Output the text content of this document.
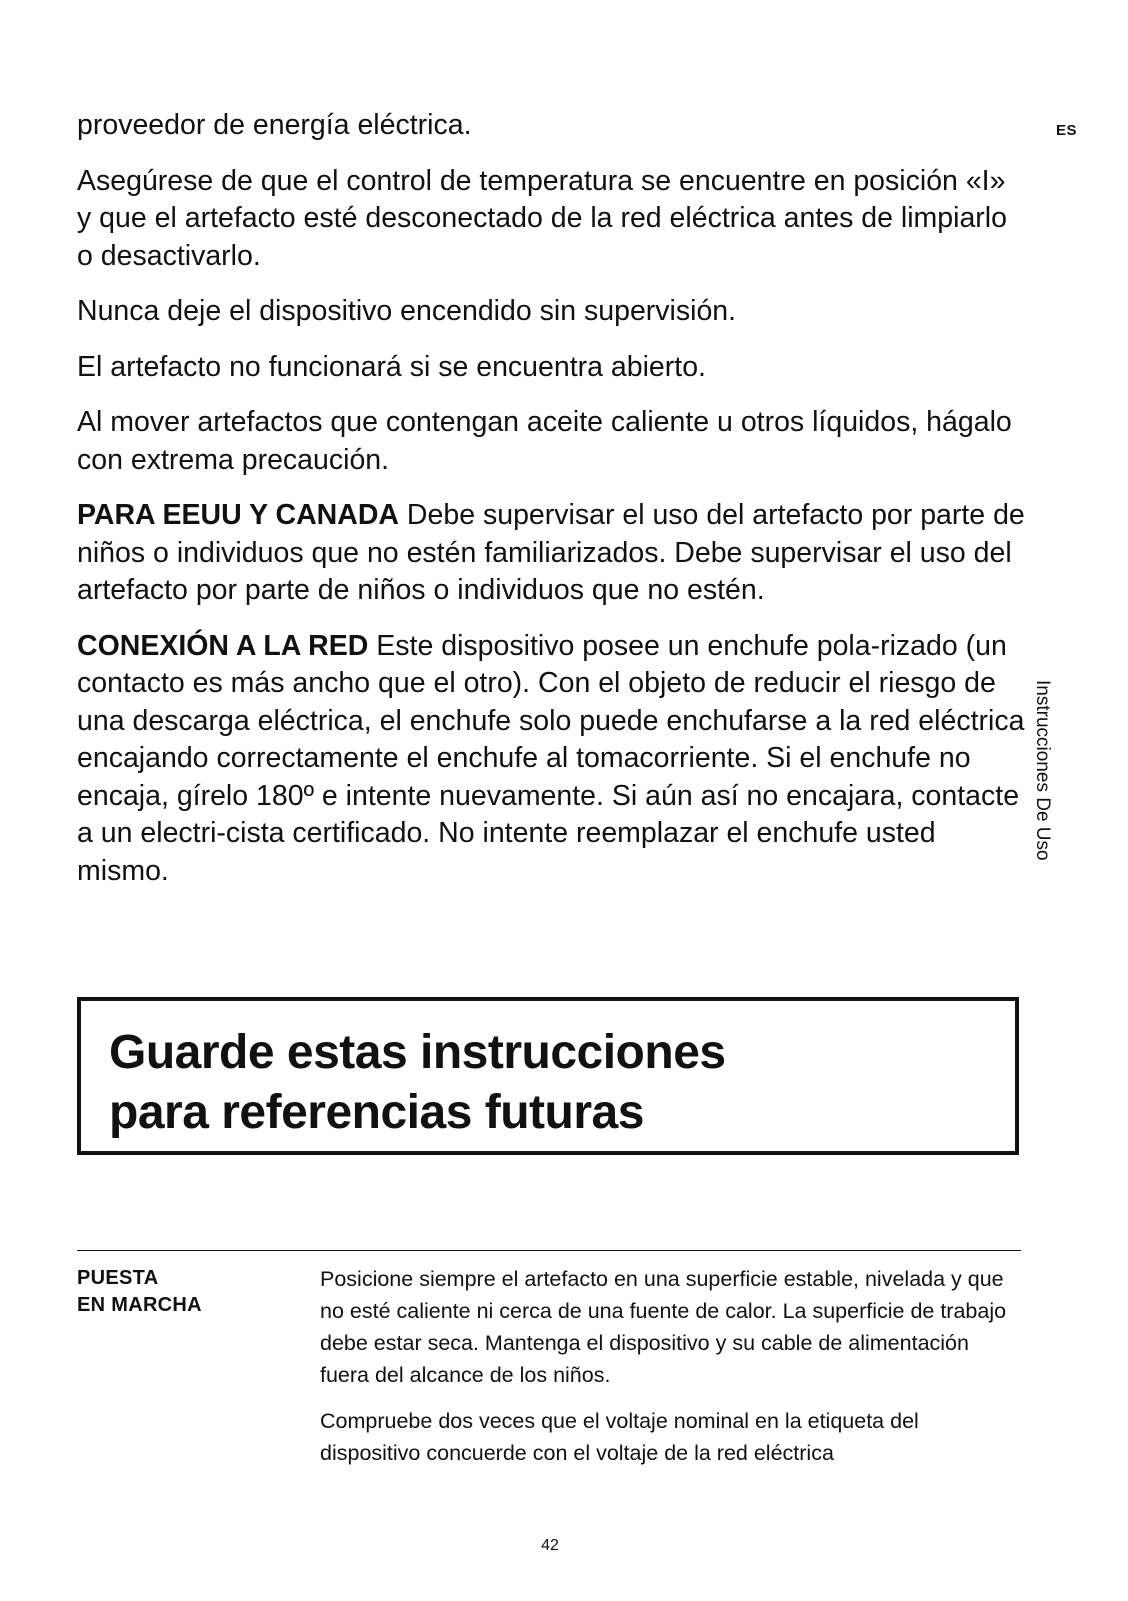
ES
Instrucciones De Uso

proveedor de energía eléctrica.

Asegúrese de que el control de temperatura se encuentre en posición «I» y que el artefacto esté desconectado de la red eléctrica antes de limpiarlo o desactivarlo.

Nunca deje el dispositivo encendido sin supervisión.

El artefacto no funcionará si se encuentra abierto.

Al mover artefactos que contengan aceite caliente u otros líquidos, hágalo con extrema precaución.

PARA EEUU Y CANADA Debe supervisar el uso del artefacto por parte de niños o individuos que no estén familiarizados. Debe supervisar el uso del artefacto por parte de niños o individuos que no estén.

CONEXIÓN A LA RED Este dispositivo posee un enchufe pola-rizado (un contacto es más ancho que el otro). Con el objeto de reducir el riesgo de una descarga eléctrica, el enchufe solo puede enchufarse a la red eléctrica encajando correctamente el enchufe al tomacorriente. Si el enchufe no encaja, gírelo 180º e intente nuevamente. Si aún así no encajara, contacte a un electri-cista certificado. No intente reemplazar el enchufe usted mismo.

Guarde estas instrucciones
para referencias futuras
PUESTA
EN MARCHA

Posicione siempre el artefacto en una superficie estable, nivelada y que no esté caliente ni cerca de una fuente de calor. La superficie de trabajo debe estar seca. Mantenga el dispositivo y su cable de alimentación fuera del alcance de los niños.

Compruebe dos veces que el voltaje nominal en la etiqueta del dispositivo concuerde con el voltaje de la red eléctrica

42
